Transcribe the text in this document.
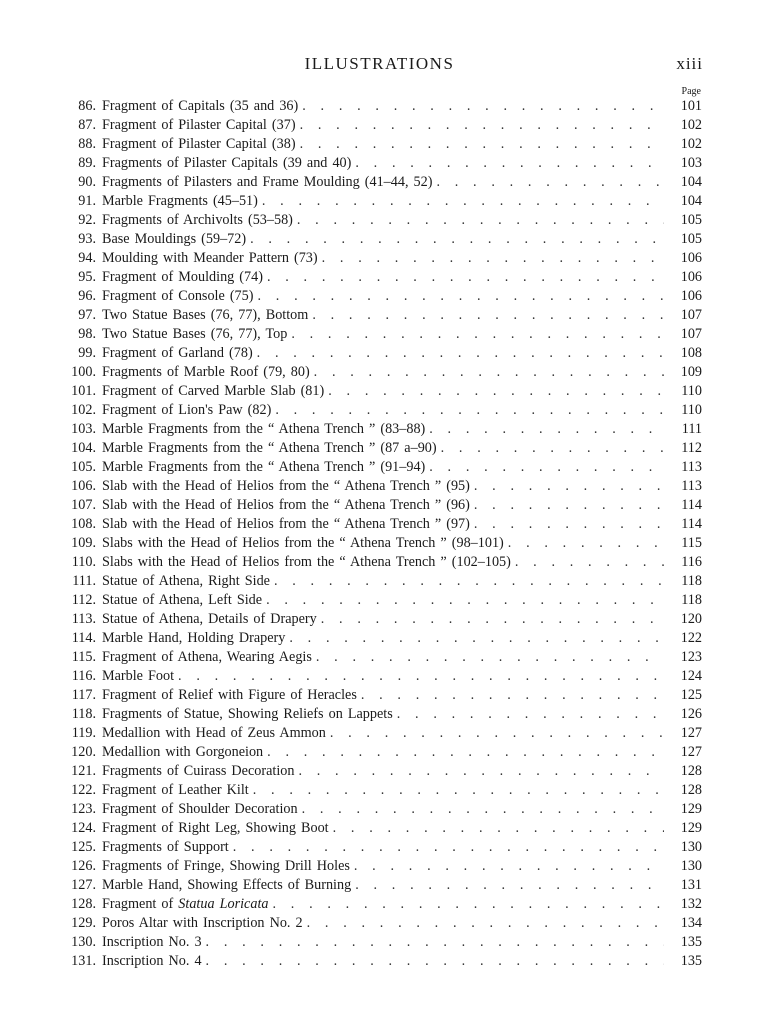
ILLUSTRATIONS	xiii
Page
86. Fragment of Capitals (35 and 36) . . .	101
87. Fragment of Pilaster Capital (37) . . .	102
88. Fragment of Pilaster Capital (38) . . .	102
89. Fragments of Pilaster Capitals (39 and 40) . . .	103
90. Fragments of Pilasters and Frame Moulding (41–44, 52) . . .	104
91. Marble Fragments (45–51) . . .	104
92. Fragments of Archivolts (53–58) . . .	105
93. Base Mouldings (59–72) . . .	105
94. Moulding with Meander Pattern (73) . . .	106
95. Fragment of Moulding (74) . . .	106
96. Fragment of Console (75) . . .	106
97. Two Statue Bases (76, 77), Bottom . . .	107
98. Two Statue Bases (76, 77), Top . . .	107
99. Fragment of Garland (78) . . .	108
100. Fragments of Marble Roof (79, 80) . . .	109
101. Fragment of Carved Marble Slab (81) . . .	110
102. Fragment of Lion's Paw (82) . . .	110
103. Marble Fragments from the “ Athena Trench ” (83–88) . . .	111
104. Marble Fragments from the “ Athena Trench ” (87 a–90) . . .	112
105. Marble Fragments from the “ Athena Trench ” (91–94) . . .	113
106. Slab with the Head of Helios from the “ Athena Trench ” (95) . . .	113
107. Slab with the Head of Helios from the “ Athena Trench ” (96) . . .	114
108. Slab with the Head of Helios from the “ Athena Trench ” (97) . . .	114
109. Slabs with the Head of Helios from the “ Athena Trench ” (98–101) . . .	115
110. Slabs with the Head of Helios from the “ Athena Trench ” (102–105) . . .	116
111. Statue of Athena, Right Side . . .	118
112. Statue of Athena, Left Side . . .	118
113. Statue of Athena, Details of Drapery . . .	120
114. Marble Hand, Holding Drapery . . .	122
115. Fragment of Athena, Wearing Aegis . . .	123
116. Marble Foot . . .	124
117. Fragment of Relief with Figure of Heracles . . .	125
118. Fragments of Statue, Showing Reliefs on Lappets . . .	126
119. Medallion with Head of Zeus Ammon . . .	127
120. Medallion with Gorgoneion . . .	127
121. Fragments of Cuirass Decoration . . .	128
122. Fragment of Leather Kilt . . .	128
123. Fragment of Shoulder Decoration . . .	129
124. Fragment of Right Leg, Showing Boot . . .	129
125. Fragments of Support . . .	130
126. Fragments of Fringe, Showing Drill Holes . . .	130
127. Marble Hand, Showing Effects of Burning . . .	131
128. Fragment of Statua Loricata . . .	132
129. Poros Altar with Inscription No. 2 . . .	134
130. Inscription No. 3 . . .	135
131. Inscription No. 4 . . .	135
